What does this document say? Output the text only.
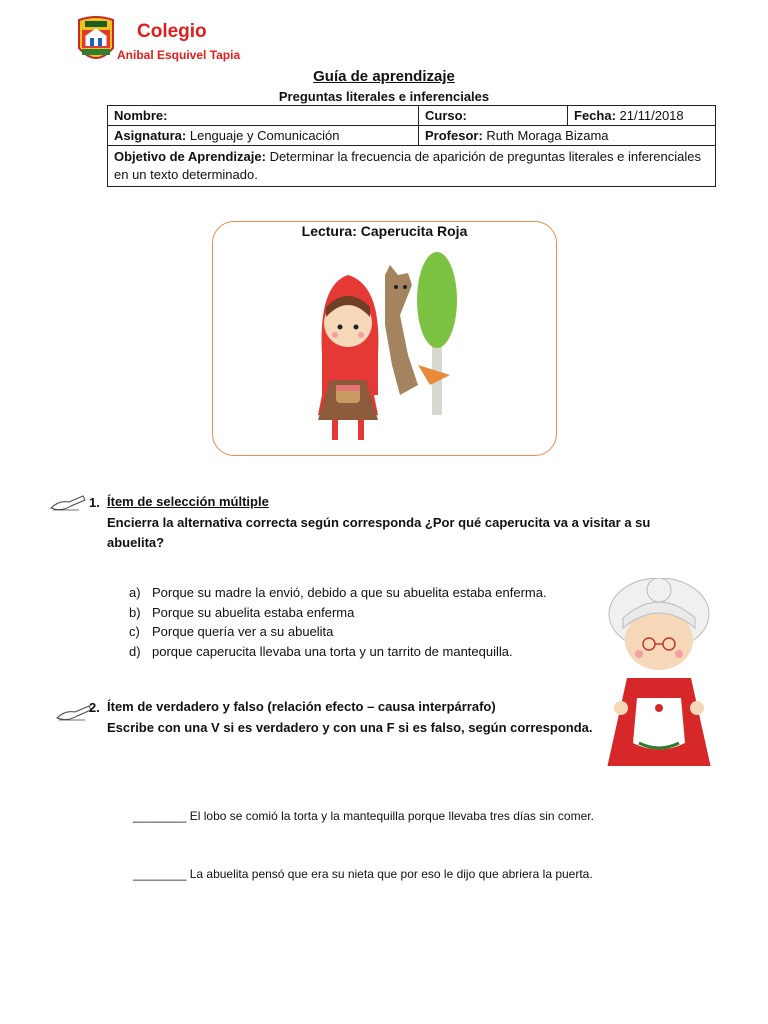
Colegio
Anibal Esquivel Tapia
Guía de aprendizaje
Preguntas literales e inferenciales
Nombre:	Curso:	Fecha: 21/11/2018
Asignatura: Lenguaje y Comunicación	Profesor: Ruth Moraga Bizama	
Objetivo de Aprendizaje: Determinar la frecuencia de aparición de preguntas literales e inferenciales en un texto determinado.		
Lectura: Caperucita Roja
1. Ítem de selección múltiple
Encierra la alternativa correcta según corresponda ¿Por qué caperucita va a visitar a su abuelita?
a) Porque su madre la envió, debido a que su abuelita estaba enferma.
b) Porque su abuelita estaba enferma
c) Porque quería ver a su abuelita
d) porque caperucita llevaba una torta y un tarrito de mantequilla.
2. Ítem de verdadero y falso (relación efecto – causa interpárrafo)
Escribe con una V si es verdadero y con una F si es falso, según corresponda.
________ El lobo se comió la torta y la mantequilla porque llevaba tres días sin comer.
________ La abuelita pensó que era su nieta que por eso le dijo que abriera la puerta.
